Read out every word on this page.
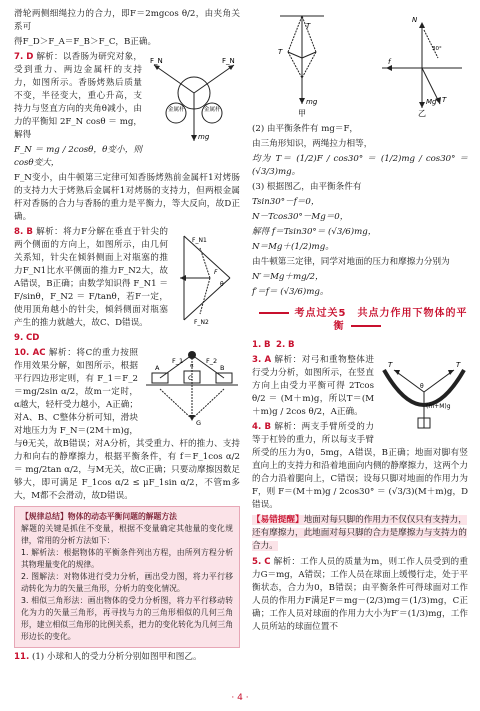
滑轮两侧细绳拉力的合力，即F＝2mgcos θ/2，由夹角关系可

得F_D＞F_A＝F_B＞F_C，B正确。

F_N	F_N
金属杆	金属杆
mg

7. D 解析：以香肠为研究对象，受到重力、两边金属杆的支持力，如图所示。香肠烤熟后质量不变，半径变大，重心升高，支持力与竖直方向的夹角θ减小，由力的平衡知 2F_N cosθ ＝ mg，解得

F_N ＝ mg / 2cosθ，θ变小，则cosθ变大，

F_N变小，由牛顿第三定律可知香肠烤熟前金属杆1对烤肠的支持力大于烤熟后金属杆1对烤肠的支持力，但两根金属杆对香肠的合力与香肠的重力是平衡力，等大反向，故D正确。

F_N1
F
θ
F_N2

8. B 解析：将力F分解在垂直于针尖的两个侧面的方向上，如图所示，由几何关系知，针尖在倾斜侧面上对瓶塞的推力F_N1比水平侧面的推力F_N2大，故A错误，B正确；由数学知识得 F_N1 ＝ F/sinθ，F_N2 ＝ F/tanθ，若F一定，使用顶角越小的针尖，倾斜侧面对瓶塞产生的推力就越大，故C、D错误。

9. CD

A	B
C
F_1	F_2
G
α

10. AC 解析：将C的重力按照作用效果分解，如图所示，根据平行四边形定则，有 F_1＝F_2＝mg/2sin α/2，故m一定时，α越大，轻杆受力越小，A正确；对A、B、C整体分析可知，滑块对地压力为 F_N＝(2M＋m)g，与θ无关，故B错误；对A分析，其受重力、杆的推力、支持力和向右的静摩擦力，根据平衡条件，有 f＝F_1cos α/2 ＝ mg/2tan α/2，与M无关，故C正确；只要动摩擦因数足够大，即可满足 F_1cos α/2 ≤ μF_1sin α/2，不管m多大，M都不会滑动，故D错误。

【规律总结】物体的动态平衡问题的解题方法

解题的关键是抓住不变量，根据不变量确定其他量的变化规律，常用的分析方法如下：

1. 解析法：根据物体的平衡条件列出方程，由所列方程分析其物理量变化的规律。

2. 图解法：对物体进行受力分析，画出受力图，将力平行移动转化为力的矢量三角形，分析力的变化情况。

3. 相似三角形法：画出物体的受力分析图，将力平行移动转化为力的矢量三角形，再寻找与力的三角形相似的几何三角形，建立相似三角形的比例关系，把力的变化转化为几何三角形边长的变化。

11. (1) 小球和人的受力分析分别如图甲和图乙。

T
T
mg
甲
N
f
T
Mg
30°
乙

(2) 由平衡条件有 mg＝F，

由三角形知识，两绳拉力相等，

均为 T＝ (1/2)F / cos30° ＝ (1/2)mg / cos30° ＝ (√3/3)mg。

(3) 根据图乙，由平衡条件有

Tsin30°－f＝0，

N－Tcos30°－Mg＝0，

解得 f＝Tsin30°＝ (√3/6)mg，

N＝Mg＋(1/2)mg。

由牛顿第三定律，同学对地面的压力和摩擦力分别为

N′＝Mg＋mg/2，

f′＝f＝ (√3/6)mg。

考点过关5　共点力作用下物体的平衡

1. B 2. B

T	T
(m+M)g
θ

3. A 解析：对弓和重物整体进行受力分析，如图所示，在竖直方向上由受力平衡可得 2Tcos θ/2 ＝ (M＋m)g，所以T＝(M＋m)g / 2cos θ/2，A正确。

4. B 解析：两支手臂所受的力等于杠铃的重力，所以每支手臂所受的压力为0，5mg，A错误，B正确；地面对脚有竖直向上的支持力和沿着地面向内侧的静摩擦力，这两个力的合力沿着腿向上，C错误；设每只脚对地面的作用力为F，则 F＝(M＋m)g / 2cos30° ＝ (√3/3)(M＋m)g，D错误。

【易错提醒】地面对每只脚的作用力不仅仅只有支持力，还有摩擦力，此地面对每只脚的合力是摩擦力与支持力的合力。

5. C 解析：工作人员的质量为m，则工作人员受到的重力G＝mg，A错误；工作人员在球面上缓慢行走，处于平衡状态，合力为0，B错误；由平衡条件可得球面对工作人员的作用力F满足F＝mg－(2/3)mg＝(1/3)mg，C正确；工作人员对球面的作用力大小为F′＝(1/3)mg，工作人员所站的球面位置不

· 4 ·
